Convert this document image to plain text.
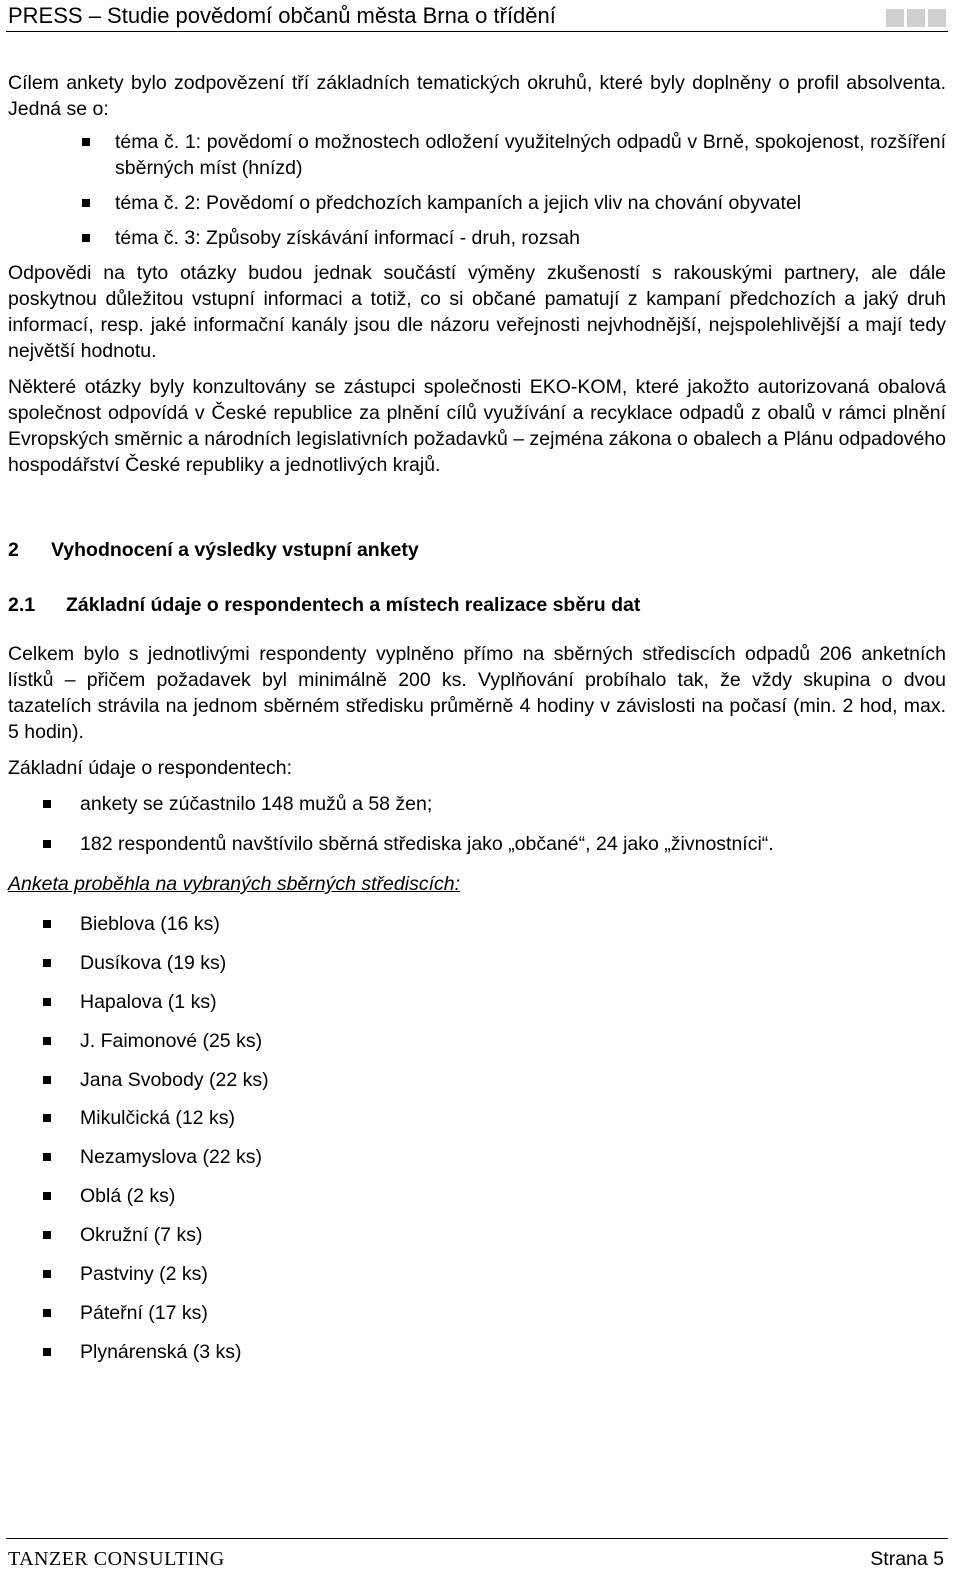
PRESS – Studie povědomí občanů města Brna o třídění

Cílem ankety bylo zodpovězení tří základních tematických okruhů, které byly doplněny o profil absolventa. Jedná se o:

téma č. 1: povědomí o možnostech odložení využitelných odpadů v Brně, spokojenost, rozšíření sběrných míst (hnízd)
téma č. 2: Povědomí o předchozích kampaních a jejich vliv na chování obyvatel
téma č. 3: Způsoby získávání informací - druh, rozsah

Odpovědi na tyto otázky budou jednak součástí výměny zkušeností s rakouskými partnery, ale dále poskytnou důležitou vstupní informaci a totiž, co si občané pamatují z kampaní předchozích a jaký druh informací, resp. jaké informační kanály jsou dle názoru veřejnosti nejvhodnější, nejspolehlivější a mají tedy největší hodnotu.

Některé otázky byly konzultovány se zástupci společnosti EKO-KOM, které jakožto autorizovaná obalová společnost odpovídá v České republice za plnění cílů využívání a recyklace odpadů z obalů v rámci plnění Evropských směrnic a národních legislativních požadavků – zejména zákona o obalech a Plánu odpadového hospodářství České republiky a jednotlivých krajů.

2 Vyhodnocení a výsledky vstupní ankety
2.1 Základní údaje o respondentech a místech realizace sběru dat

Celkem bylo s jednotlivými respondenty vyplněno přímo na sběrných střediscích odpadů 206 anketních lístků – přičem požadavek byl minimálně 200 ks. Vyplňování probíhalo tak, že vždy skupina o dvou tazatelích strávila na jednom sběrném středisku průměrně 4 hodiny v závislosti na počasí (min. 2 hod, max. 5 hodin).

Základní údaje o respondentech:

ankety se zúčastnilo 148 mužů a 58 žen;
182 respondentů navštívilo sběrná střediska jako „občané“, 24 jako „živnostníci“.

Anketa proběhla na vybraných sběrných střediscích:

Bieblova (16 ks)
Dusíkova (19 ks)
Hapalova (1 ks)
J. Faimonové (25 ks)
Jana Svobody (22 ks)
Mikulčická (12 ks)
Nezamyslova (22 ks)
Oblá (2 ks)
Okružní (7 ks)
Pastviny (2 ks)
Páteřní (17 ks)
Plynárenská (3 ks)
TANZER CONSULTING	Strana 5
